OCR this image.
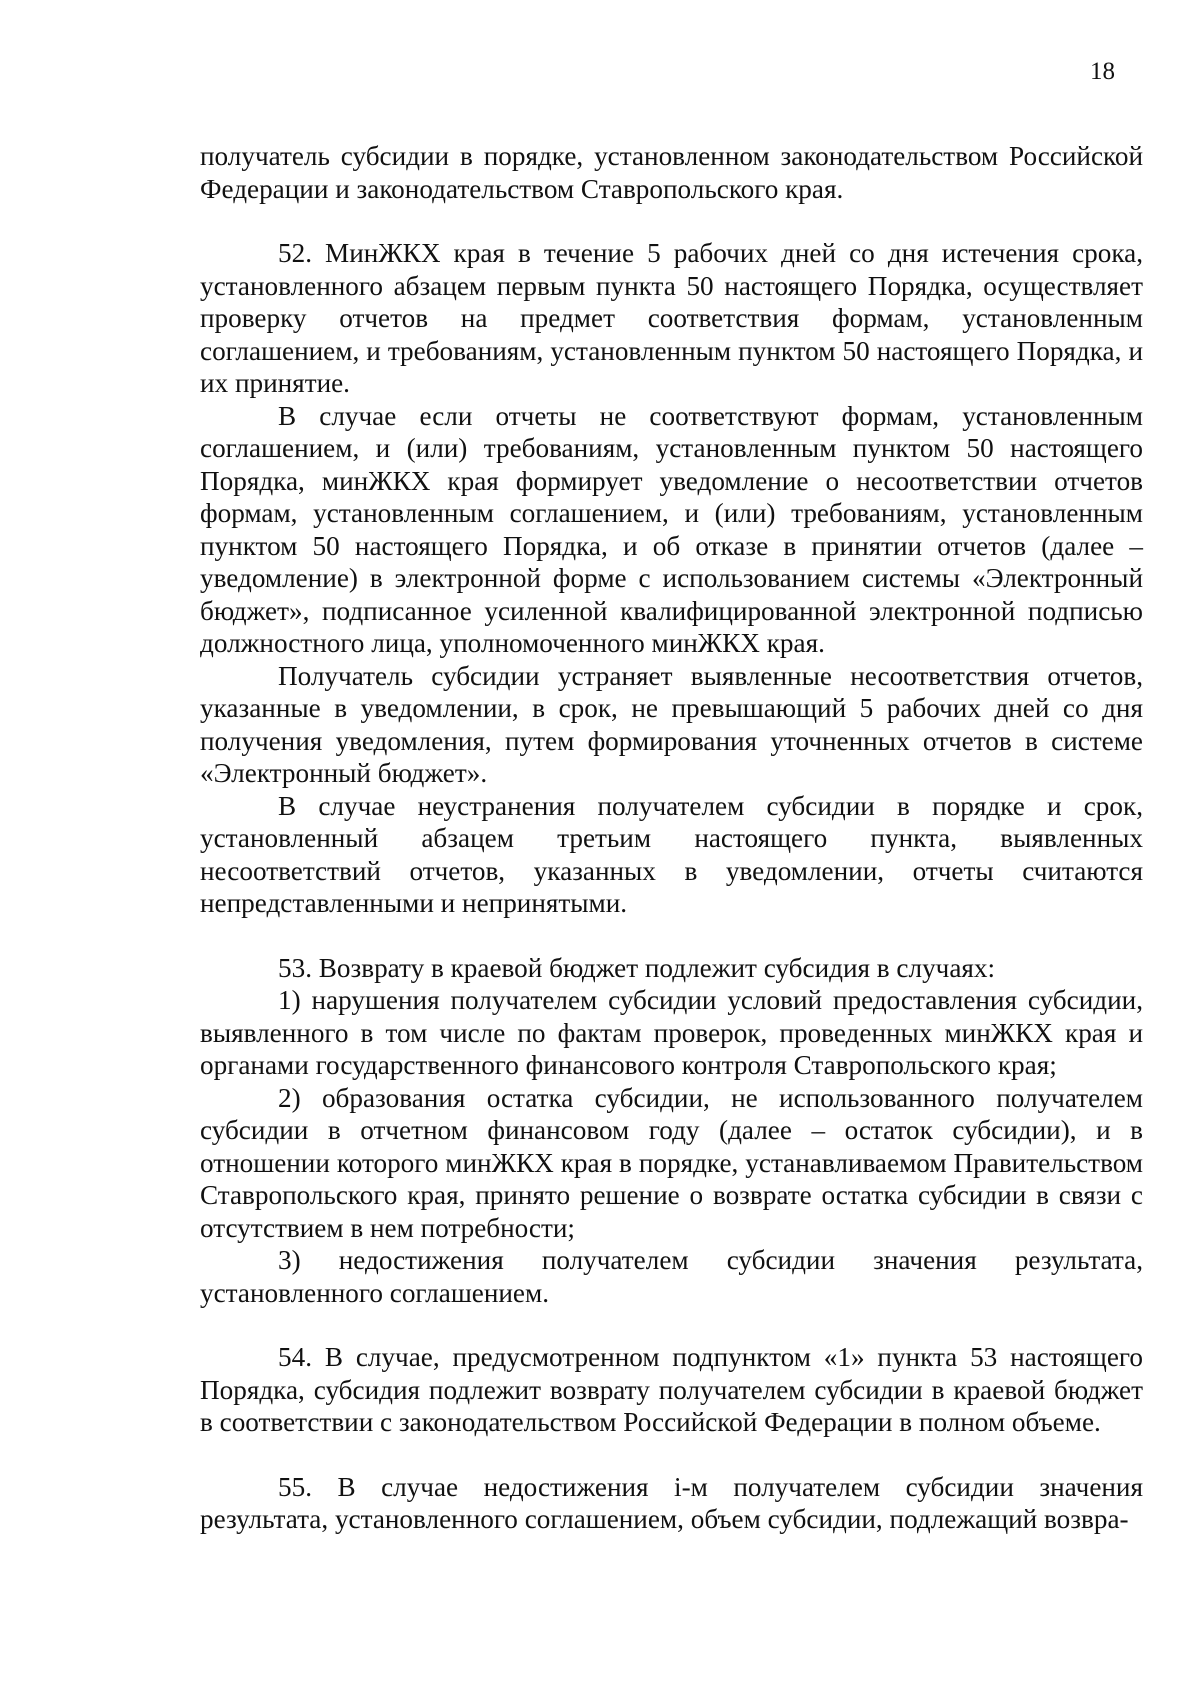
18

получатель субсидии в порядке, установленном законодательством Российской Федерации и законодательством Ставропольского края.

52. МинЖКХ края в течение 5 рабочих дней со дня истечения срока, установленного абзацем первым пункта 50 настоящего Порядка, осуществляет проверку отчетов на предмет соответствия формам, установленным соглашением, и требованиям, установленным пунктом 50 настоящего Порядка, и их принятие.

В случае если отчеты не соответствуют формам, установленным соглашением, и (или) требованиям, установленным пунктом 50 настоящего Порядка, минЖКХ края формирует уведомление о несоответствии отчетов формам, установленным соглашением, и (или) требованиям, установленным пунктом 50 настоящего Порядка, и об отказе в принятии отчетов (далее – уведомление) в электронной форме с использованием системы «Электронный бюджет», подписанное усиленной квалифицированной электронной подписью должностного лица, уполномоченного минЖКХ края.

Получатель субсидии устраняет выявленные несоответствия отчетов, указанные в уведомлении, в срок, не превышающий 5 рабочих дней со дня получения уведомления, путем формирования уточненных отчетов в системе «Электронный бюджет».

В случае неустранения получателем субсидии в порядке и срок, установленный абзацем третьим настоящего пункта, выявленных несоответствий отчетов, указанных в уведомлении, отчеты считаются непредставленными и непринятыми.

53. Возврату в краевой бюджет подлежит субсидия в случаях:

1) нарушения получателем субсидии условий предоставления субсидии, выявленного в том числе по фактам проверок, проведенных минЖКХ края и органами государственного финансового контроля Ставропольского края;

2) образования остатка субсидии, не использованного получателем субсидии в отчетном финансовом году (далее – остаток субсидии), и в отношении которого минЖКХ края в порядке, устанавливаемом Правительством Ставропольского края, принято решение о возврате остатка субсидии в связи с отсутствием в нем потребности;

3) недостижения получателем субсидии значения результата, установленного соглашением.

54. В случае, предусмотренном подпунктом «1» пункта 53 настоящего Порядка, субсидия подлежит возврату получателем субсидии в краевой бюджет в соответствии с законодательством Российской Федерации в полном объеме.

55. В случае недостижения i-м получателем субсидии значения результата, установленного соглашением, объем субсидии, подлежащий возвра-
